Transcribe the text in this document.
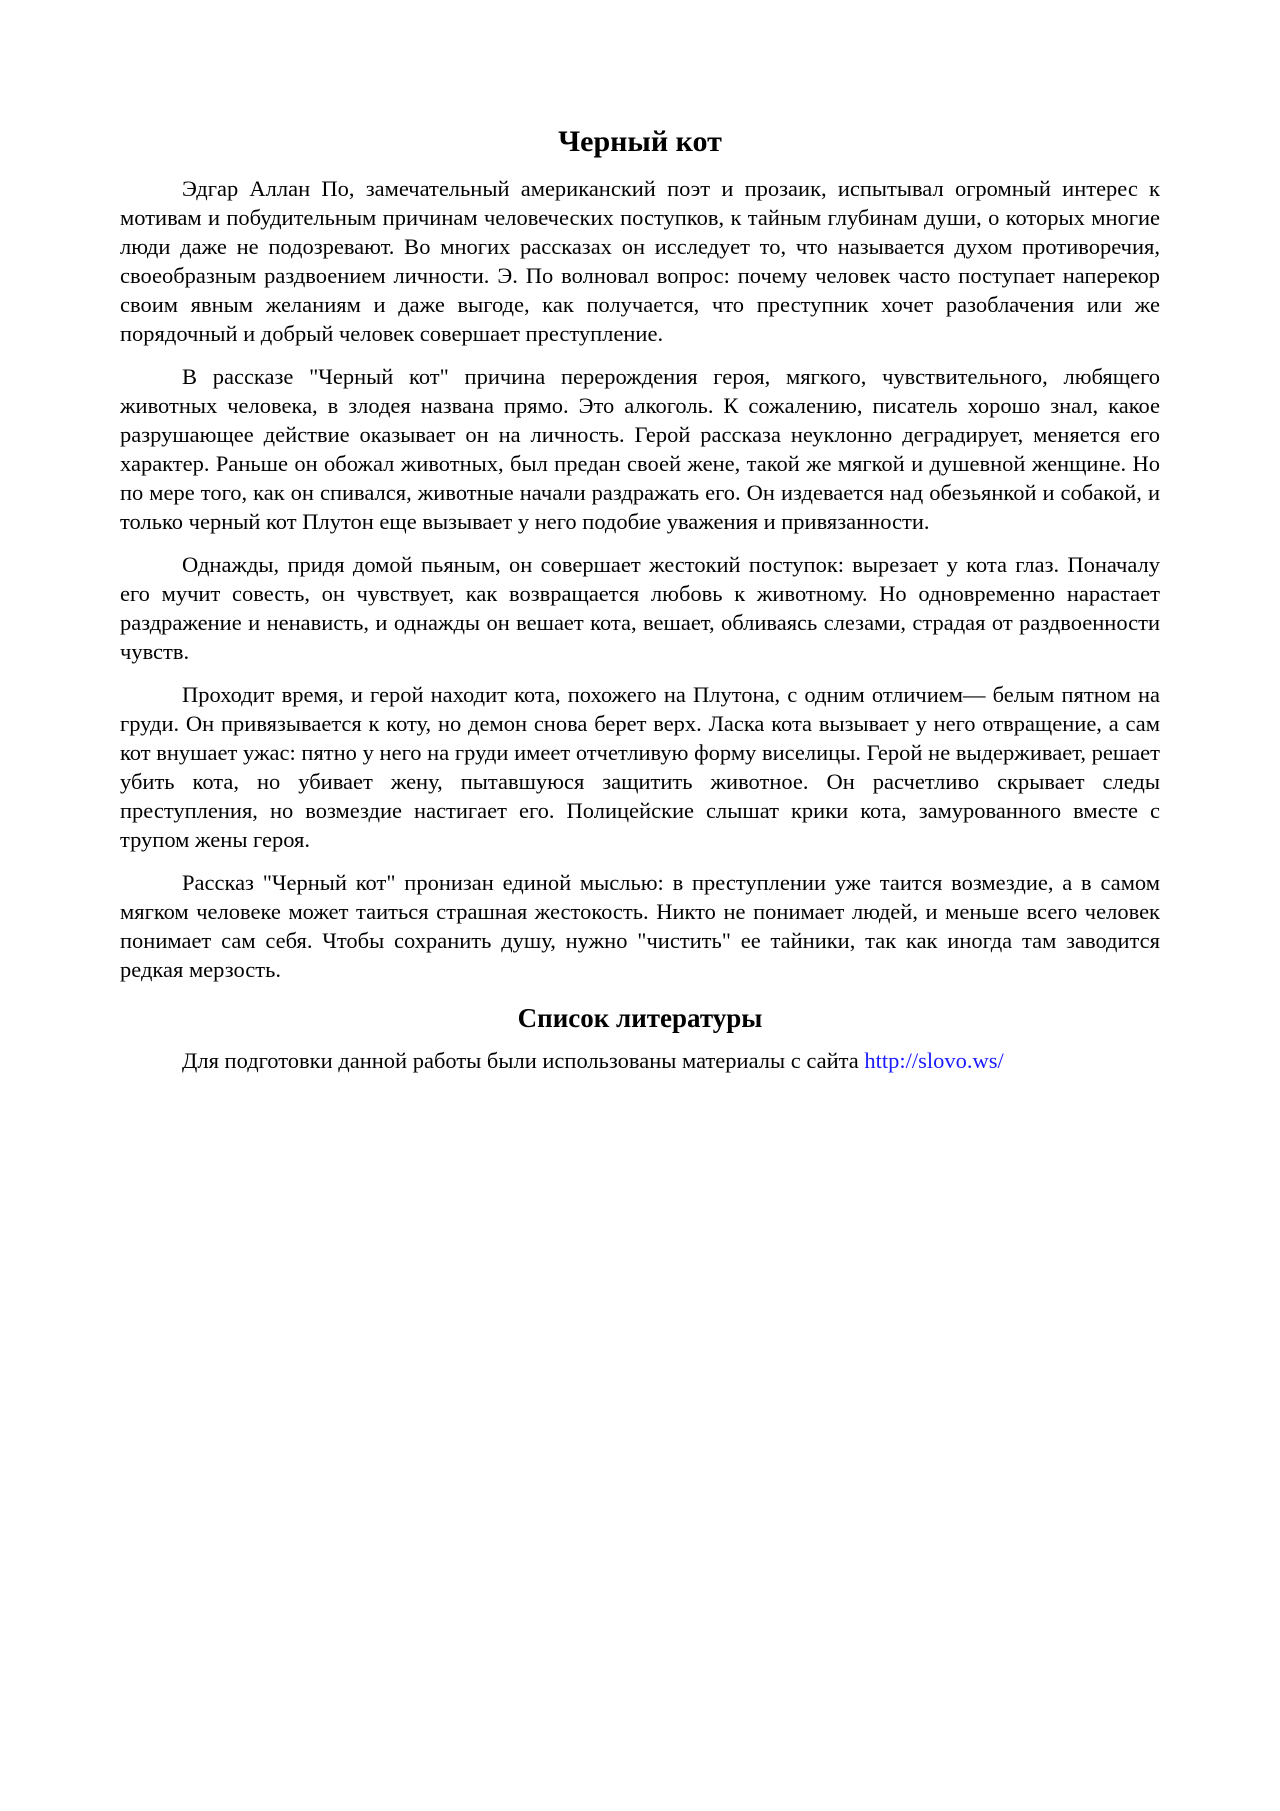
Черный кот

Эдгар Аллан По, замечательный американский поэт и прозаик, испытывал огромный интерес к мотивам и побудительным причинам человеческих поступков, к тайным глубинам души, о которых многие люди даже не подозревают. Во многих рассказах он исследует то, что называется духом противоречия, своеобразным раздвоением личности. Э. По волновал вопрос: почему человек часто поступает наперекор своим явным желаниям и даже выгоде, как получается, что преступник хочет разоблачения или же порядочный и добрый человек совершает преступление.

В рассказе "Черный кот" причина перерождения героя, мягкого, чувствительного, любящего животных человека, в злодея названа прямо. Это алкоголь. К сожалению, писатель хорошо знал, какое разрушающее действие оказывает он на личность. Герой рассказа неуклонно деградирует, меняется его характер. Раньше он обожал животных, был предан своей жене, такой же мягкой и душевной женщине. Но по мере того, как он спивался, животные начали раздражать его. Он издевается над обезьянкой и собакой, и только черный кот Плутон еще вызывает у него подобие уважения и привязанности.

Однажды, придя домой пьяным, он совершает жестокий поступок: вырезает у кота глаз. Поначалу его мучит совесть, он чувствует, как возвращается любовь к животному. Но одновременно нарастает раздражение и ненависть, и однажды он вешает кота, вешает, обливаясь слезами, страдая от раздвоенности чувств.

Проходит время, и герой находит кота, похожего на Плутона, с одним отличием— белым пятном на груди. Он привязывается к коту, но демон снова берет верх. Ласка кота вызывает у него отвращение, а сам кот внушает ужас: пятно у него на груди имеет отчетливую форму виселицы. Герой не выдерживает, решает убить кота, но убивает жену, пытавшуюся защитить животное. Он расчетливо скрывает следы преступления, но возмездие настигает его. Полицейские слышат крики кота, замурованного вместе с трупом жены героя.

Рассказ "Черный кот" пронизан единой мыслью: в преступлении уже таится возмездие, а в самом мягком человеке может таиться страшная жестокость. Никто не понимает людей, и меньше всего человек понимает сам себя. Чтобы сохранить душу, нужно "чистить" ее тайники, так как иногда там заводится редкая мерзость.

Список литературы

Для подготовки данной работы были использованы материалы с сайта http://slovo.ws/
